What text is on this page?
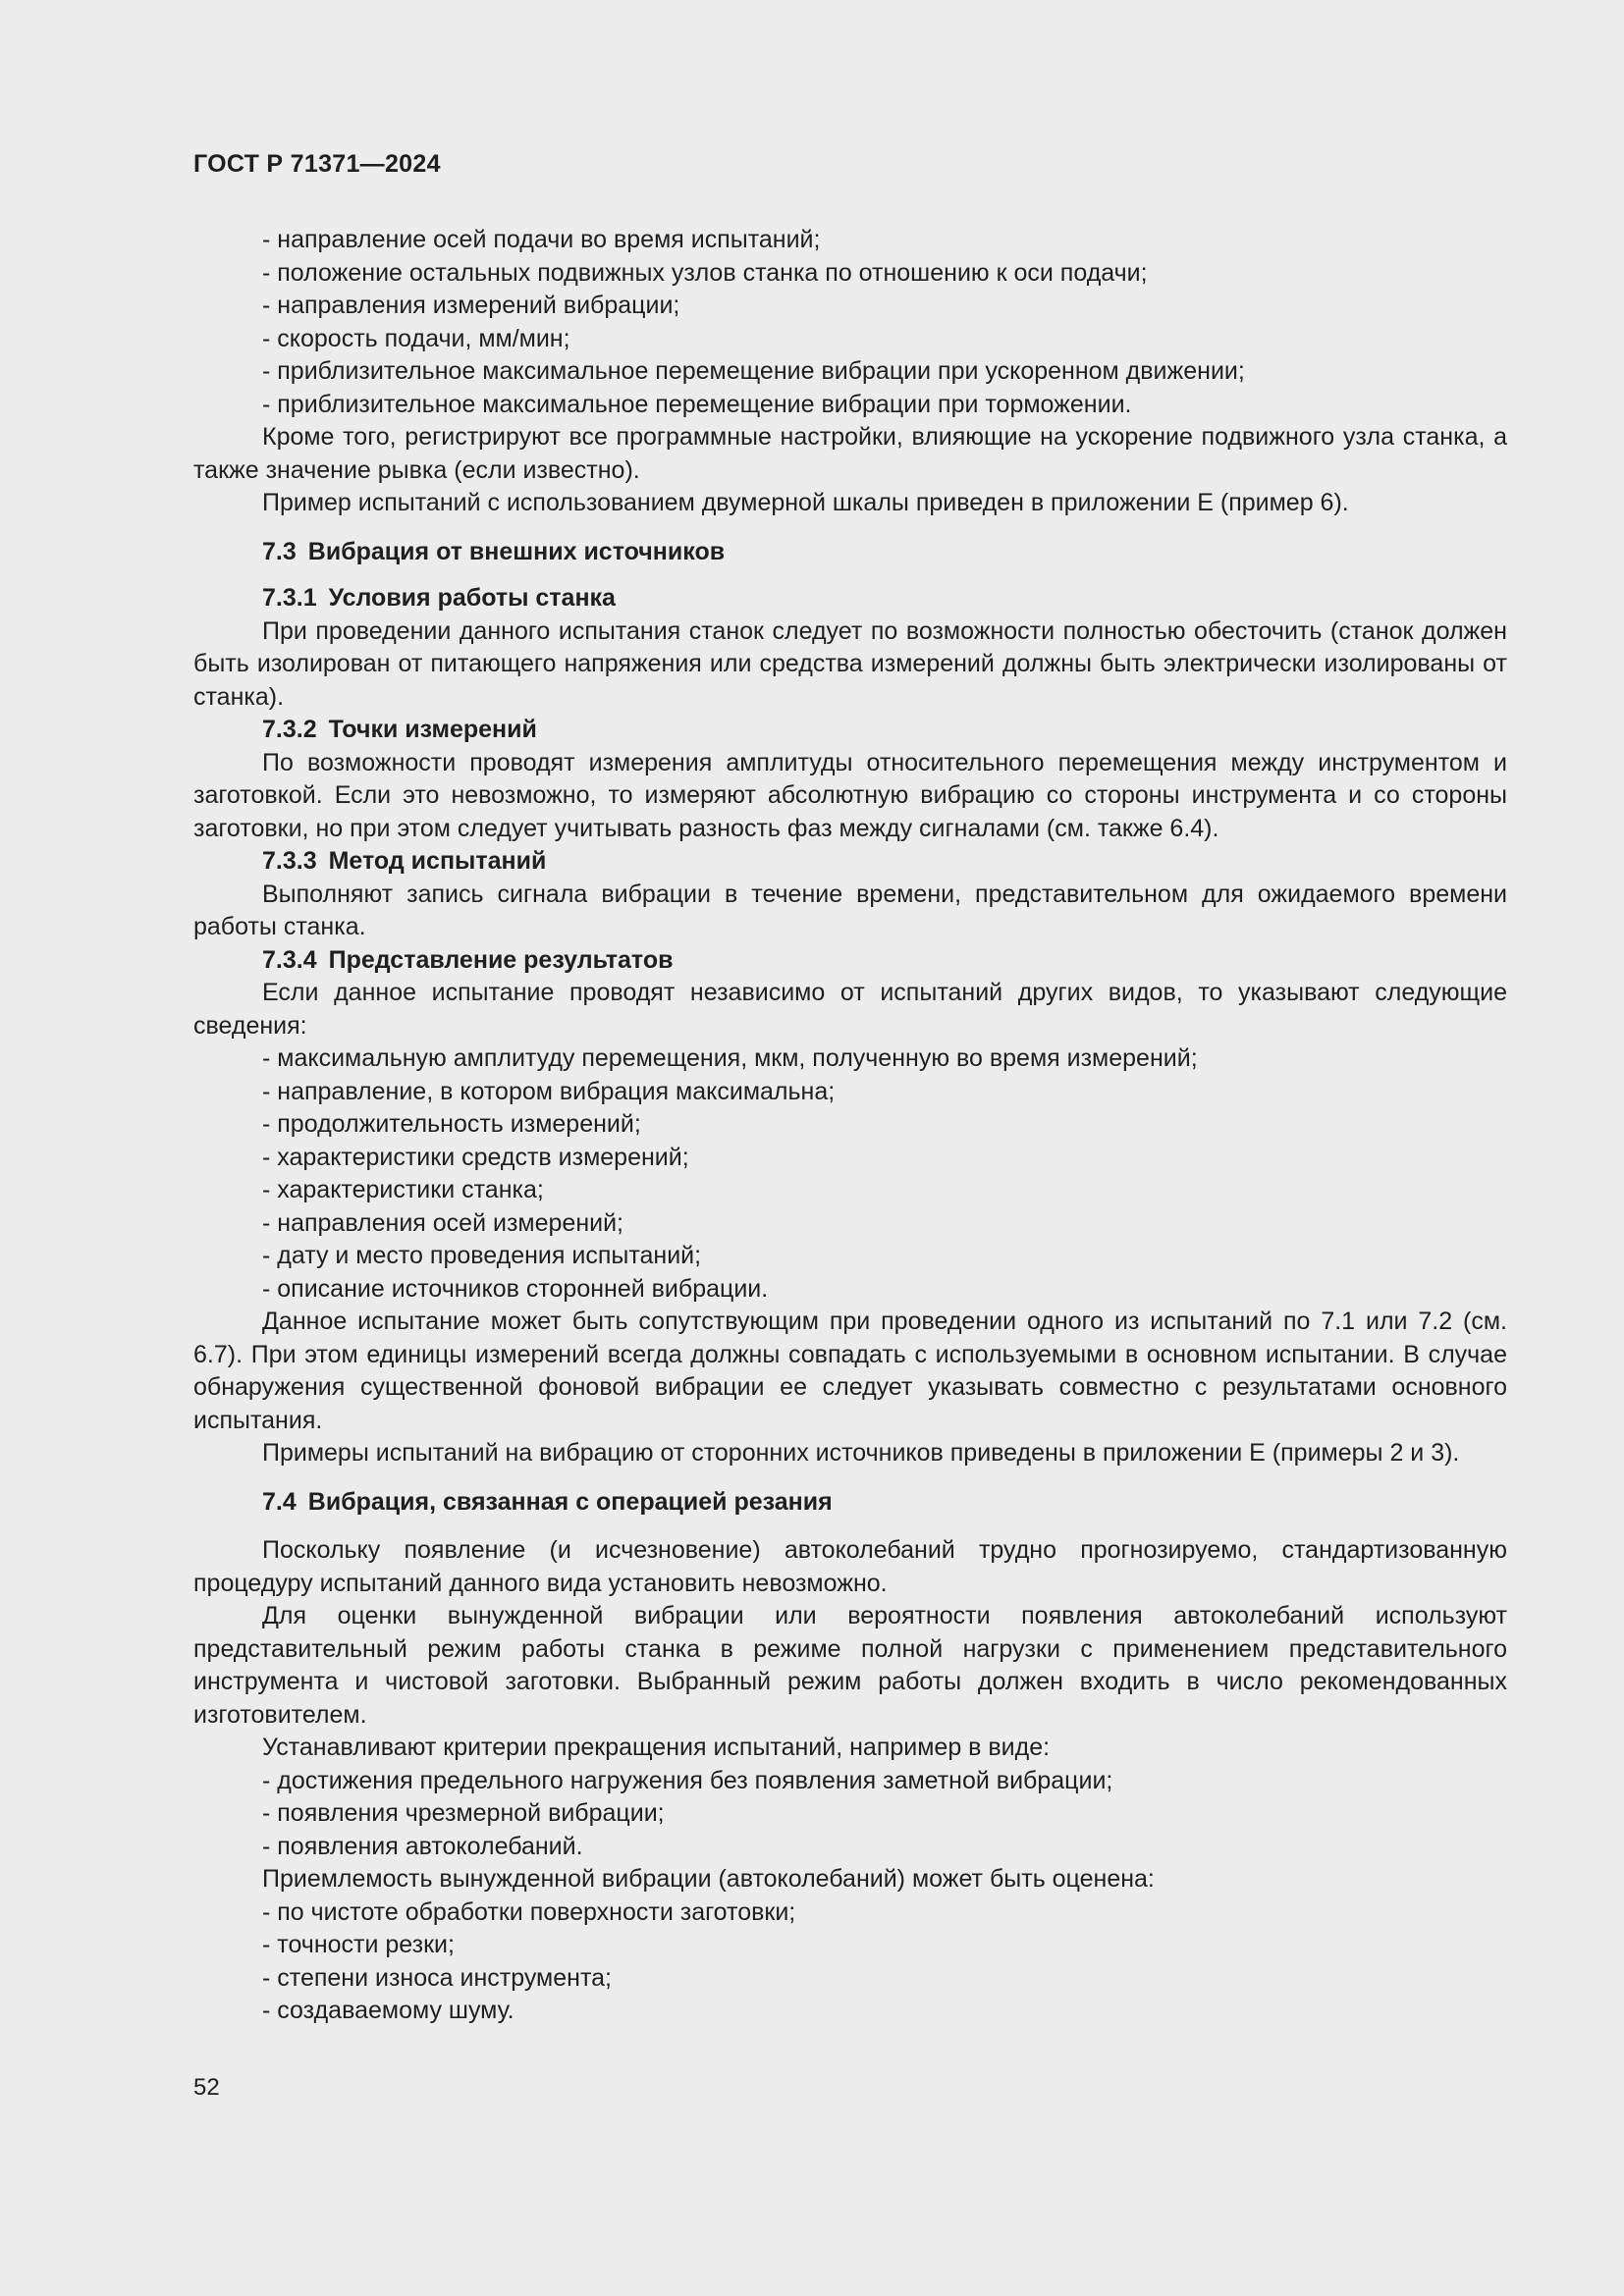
ГОСТ Р 71371—2024
- направление осей подачи во время испытаний;
- положение остальных подвижных узлов станка по отношению к оси подачи;
- направления измерений вибрации;
- скорость подачи, мм/мин;
- приблизительное максимальное перемещение вибрации при ускоренном движении;
- приблизительное максимальное перемещение вибрации при торможении.
Кроме того, регистрируют все программные настройки, влияющие на ускорение подвижного узла станка, а также значение рывка (если известно).
Пример испытаний с использованием двумерной шкалы приведен в приложении Е (пример 6).
7.3 Вибрация от внешних источников
7.3.1 Условия работы станка
При проведении данного испытания станок следует по возможности полностью обесточить (станок должен быть изолирован от питающего напряжения или средства измерений должны быть электрически изолированы от станка).
7.3.2 Точки измерений
По возможности проводят измерения амплитуды относительного перемещения между инструментом и заготовкой. Если это невозможно, то измеряют абсолютную вибрацию со стороны инструмента и со стороны заготовки, но при этом следует учитывать разность фаз между сигналами (см. также 6.4).
7.3.3 Метод испытаний
Выполняют запись сигнала вибрации в течение времени, представительном для ожидаемого времени работы станка.
7.3.4 Представление результатов
Если данное испытание проводят независимо от испытаний других видов, то указывают следующие сведения:
- максимальную амплитуду перемещения, мкм, полученную во время измерений;
- направление, в котором вибрация максимальна;
- продолжительность измерений;
- характеристики средств измерений;
- характеристики станка;
- направления осей измерений;
- дату и место проведения испытаний;
- описание источников сторонней вибрации.
Данное испытание может быть сопутствующим при проведении одного из испытаний по 7.1 или 7.2 (см. 6.7). При этом единицы измерений всегда должны совпадать с используемыми в основном испытании. В случае обнаружения существенной фоновой вибрации ее следует указывать совместно с результатами основного испытания.
Примеры испытаний на вибрацию от сторонних источников приведены в приложении Е (примеры 2 и 3).
7.4 Вибрация, связанная с операцией резания
Поскольку появление (и исчезновение) автоколебаний трудно прогнозируемо, стандартизованную процедуру испытаний данного вида установить невозможно.
Для оценки вынужденной вибрации или вероятности появления автоколебаний используют представительный режим работы станка в режиме полной нагрузки с применением представительного инструмента и чистовой заготовки. Выбранный режим работы должен входить в число рекомендованных изготовителем.
Устанавливают критерии прекращения испытаний, например в виде:
- достижения предельного нагружения без появления заметной вибрации;
- появления чрезмерной вибрации;
- появления автоколебаний.
Приемлемость вынужденной вибрации (автоколебаний) может быть оценена:
- по чистоте обработки поверхности заготовки;
- точности резки;
- степени износа инструмента;
- создаваемому шуму.
52
